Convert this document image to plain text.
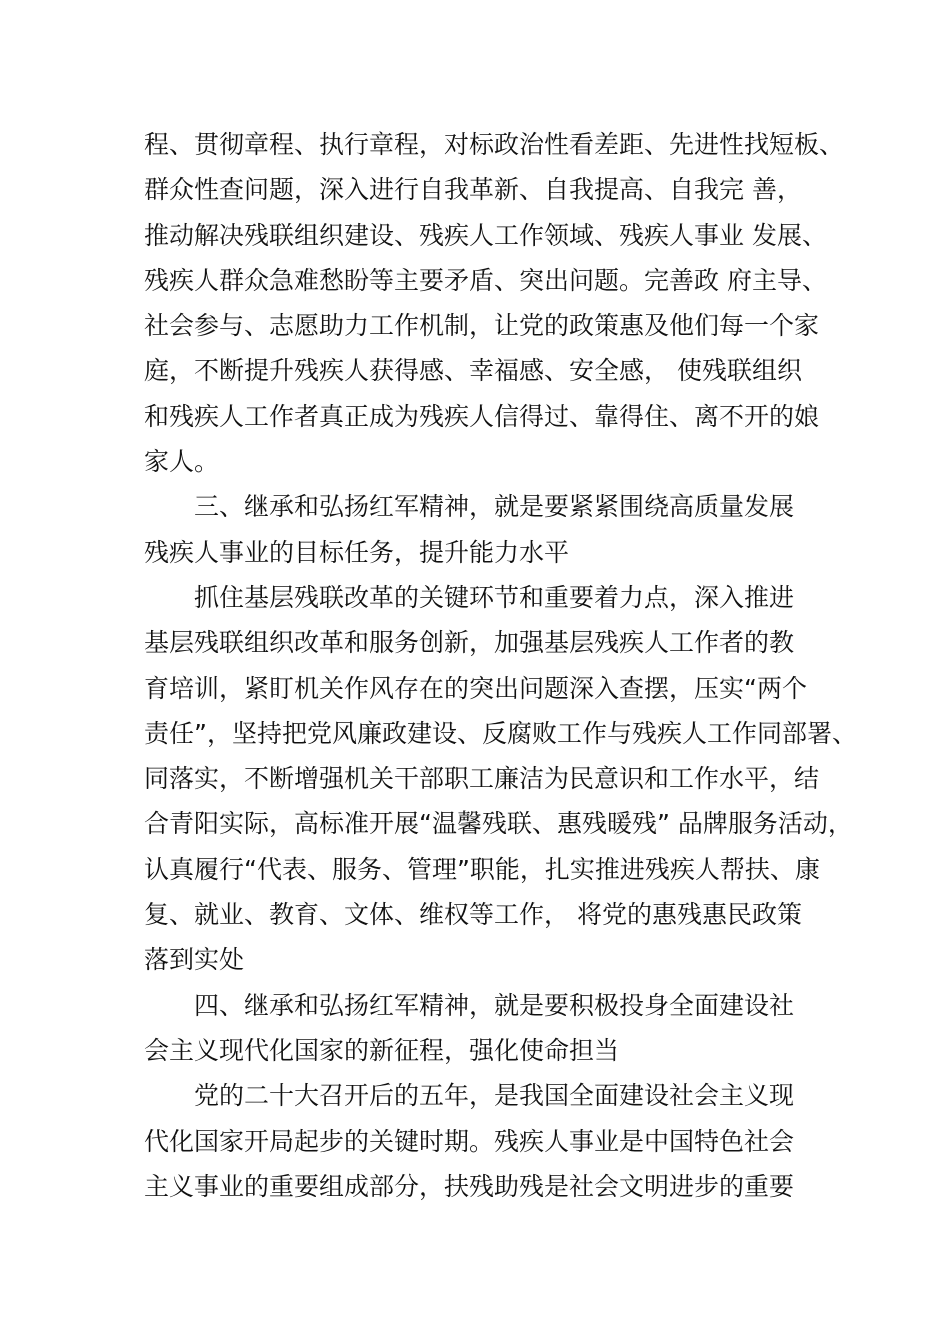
程、贯彻章程、执行章程，对标政治性看差距、先进性找短板、
群众性查问题，深入进行自我革新、自我提高、自我完 善，
推动解决残联组织建设、残疾人工作领域、残疾人事业 发展、
残疾人群众急难愁盼等主要矛盾、突出问题。完善政 府主导、
社会参与、志愿助力工作机制，让党的政策惠及他们每一个家
庭，不断提升残疾人获得感、幸福感、安全感， 使残联组织
和残疾人工作者真正成为残疾人信得过、靠得住、离不开的娘
家人。
三、继承和弘扬红军精神，就是要紧紧围绕高质量发展
残疾人事业的目标任务，提升能力水平
抓住基层残联改革的关键环节和重要着力点，深入推进
基层残联组织改革和服务创新，加强基层残疾人工作者的教
育培训，紧盯机关作风存在的突出问题深入查摆，压实“两个
责任”，坚持把党风廉政建设、反腐败工作与残疾人工作同部署、
同落实，不断增强机关干部职工廉洁为民意识和工作水平，结
合青阳实际，高标准开展“温馨残联、惠残暖残” 品牌服务活动，
认真履行“代表、服务、管理”职能，扎实推进残疾人帮扶、康
复、就业、教育、文体、维权等工作， 将党的惠残惠民政策
落到实处
四、继承和弘扬红军精神，就是要积极投身全面建设社
会主义现代化国家的新征程，强化使命担当
党的二十大召开后的五年，是我国全面建设社会主义现
代化国家开局起步的关键时期。残疾人事业是中国特色社会
主义事业的重要组成部分，扶残助残是社会文明进步的重要
